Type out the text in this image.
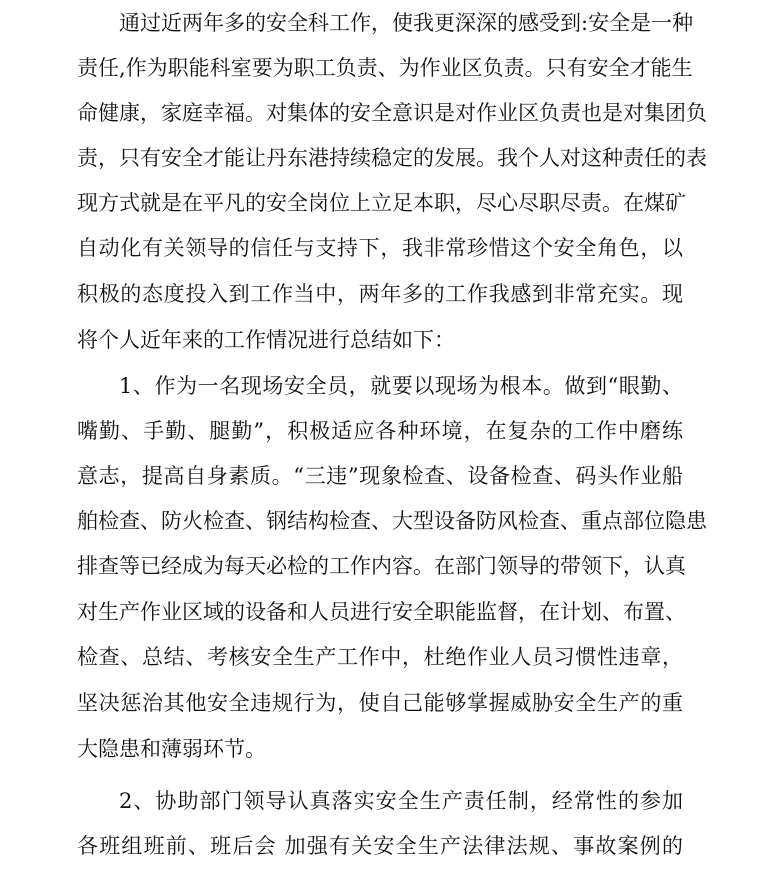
通过近两年多的安全科工作，使我更深深的感受到:安全是一种
责任,作为职能科室要为职工负责、为作业区负责。只有安全才能生
命健康，家庭幸福。对集体的安全意识是对作业区负责也是对集团负
责，只有安全才能让丹东港持续稳定的发展。我个人对这种责任的表
现方式就是在平凡的安全岗位上立足本职，尽心尽职尽责。在煤矿
自动化有关领导的信任与支持下，我非常珍惜这个安全角色，以
积极的态度投入到工作当中，两年多的工作我感到非常充实。现
将个人近年来的工作情况进行总结如下：
1、作为一名现场安全员，就要以现场为根本。做到“眼勤、
嘴勤、手勤、腿勤”，积极适应各种环境，在复杂的工作中磨练
意志，提高自身素质。“三违”现象检查、设备检查、码头作业船
舶检查、防火检查、钢结构检查、大型设备防风检查、重点部位隐患
排查等已经成为每天必检的工作内容。在部门领导的带领下，认真
对生产作业区域的设备和人员进行安全职能监督，在计划、布置、
检查、总结、考核安全生产工作中，杜绝作业人员习惯性违章，
坚决惩治其他安全违规行为，使自己能够掌握威胁安全生产的重
大隐患和薄弱环节。
2、协助部门领导认真落实安全生产责任制，经常性的参加
各班组班前、班后会 加强有关安全生产法律法规、事故案例的
